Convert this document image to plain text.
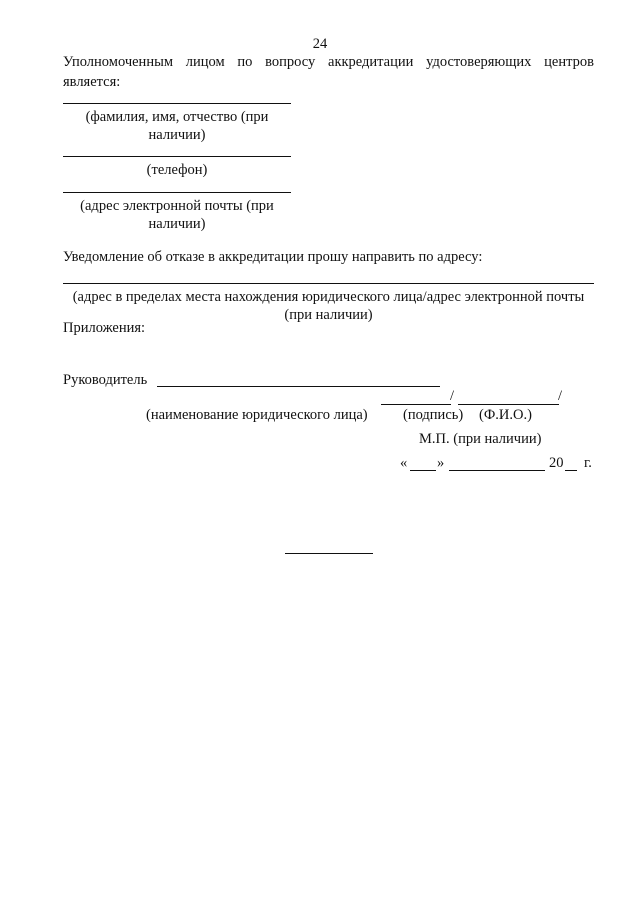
24
Уполномоченным лицом по вопросу аккредитации удостоверяющих центров является:
(фамилия, имя, отчество (при
наличии)
(телефон)
(адрес электронной почты (при
наличии)
Уведомление об отказе в аккредитации прошу направить по адресу:
(адрес в пределах места нахождения юридического лица/адрес электронной почты
(при наличии)
Приложения:
Руководитель
/	/
(наименование юридического лица) (подпись) (Ф.И.О.)
М.П. (при наличии)
« »	20 г.
